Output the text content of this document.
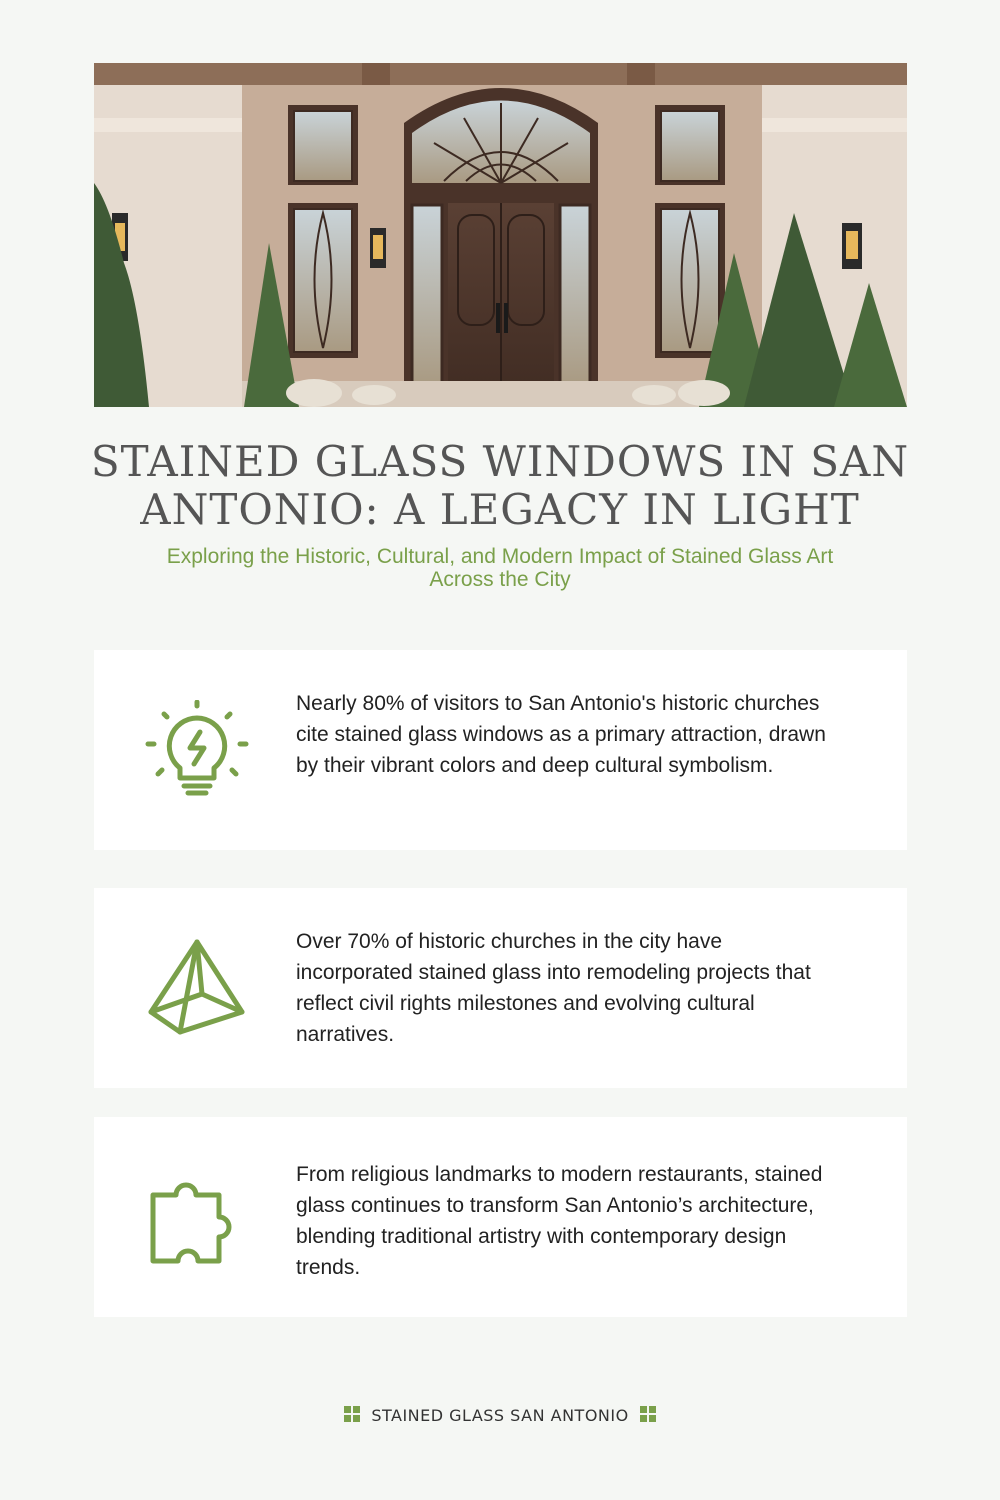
STAINED GLASS WINDOWS IN SAN ANTONIO: A LEGACY IN LIGHT

Exploring the Historic, Cultural, and Modern Impact of Stained Glass Art Across the City

Nearly 80% of visitors to San Antonio's historic churches cite stained glass windows as a primary attraction, drawn by their vibrant colors and deep cultural symbolism.

Over 70% of historic churches in the city have incorporated stained glass into remodeling projects that reflect civil rights milestones and evolving cultural narratives.

From religious landmarks to modern restaurants, stained glass continues to transform San Antonio’s architecture, blending traditional artistry with contemporary design trends.

STAINED GLASS SAN ANTONIO
